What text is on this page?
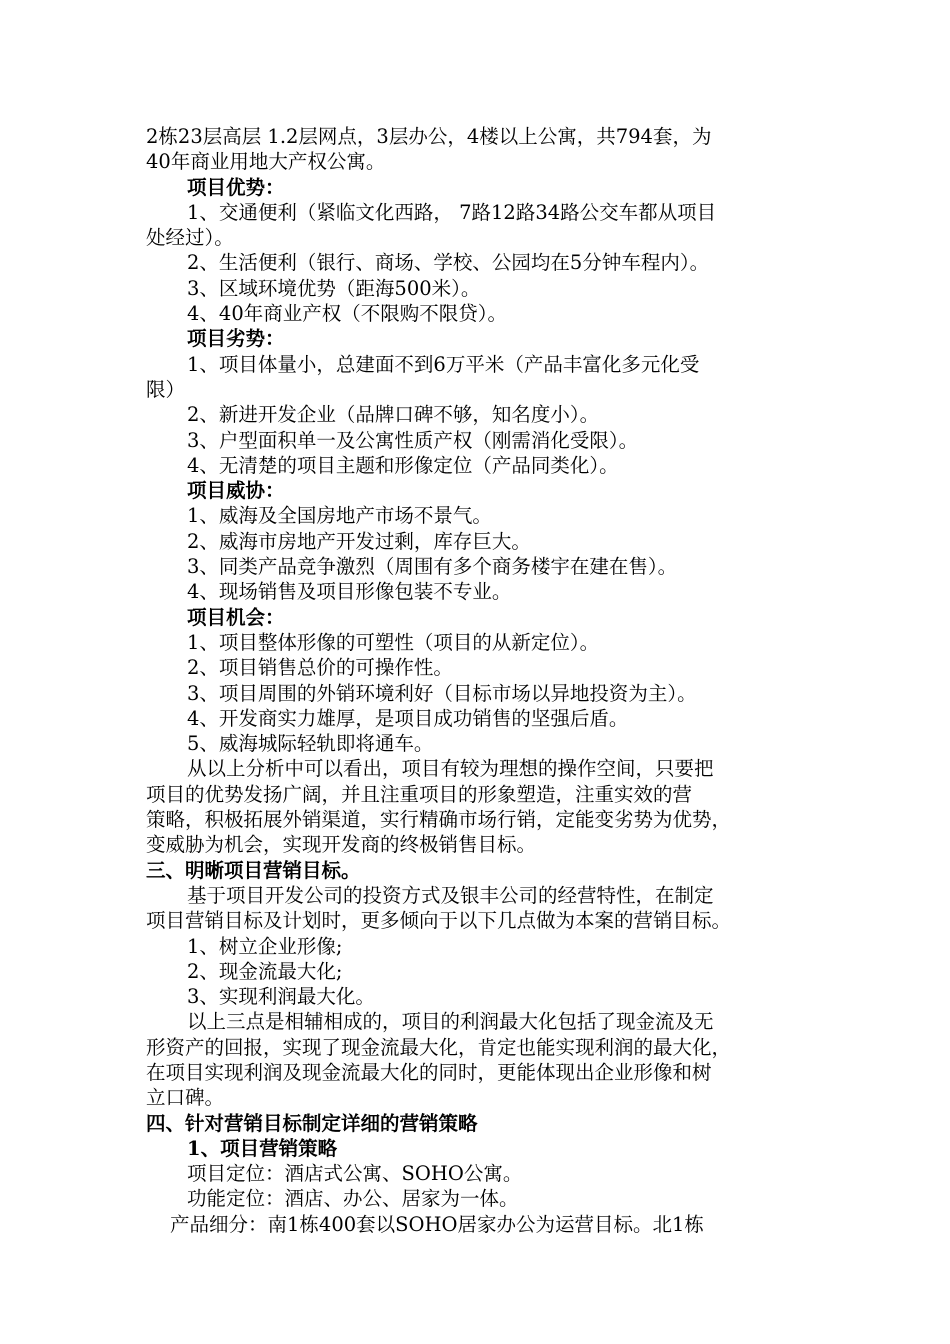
2栋23层高层 1.2层网点，3层办公，4楼以上公寓，共794套，为
40年商业用地大产权公寓。
项目优势：
1、交通便利（紧临文化西路， 7路12路34路公交车都从项目
处经过）。
2、生活便利（银行、商场、学校、公园均在5分钟车程内）。
3、区域环境优势（距海500米）。
4、40年商业产权（不限购不限贷）。
项目劣势：
1、项目体量小，总建面不到6万平米（产品丰富化多元化受
限）
2、新进开发企业（品牌口碑不够，知名度小）。
3、户型面积单一及公寓性质产权（刚需消化受限）。
4、无清楚的项目主题和形像定位（产品同类化）。
项目威协：
1、威海及全国房地产市场不景气。
2、威海市房地产开发过剩，库存巨大。
3、同类产品竞争激烈（周围有多个商务楼宇在建在售）。
4、现场销售及项目形像包装不专业。
项目机会：
1、项目整体形像的可塑性（项目的从新定位）。
2、项目销售总价的可操作性。
3、项目周围的外销环境利好（目标市场以异地投资为主）。
4、开发商实力雄厚，是项目成功销售的坚强后盾。
5、威海城际轻轨即将通车。
从以上分析中可以看出，项目有较为理想的操作空间，只要把
项目的优势发扬广阔，并且注重项目的形象塑造，注重实效的营
策略，积极拓展外销渠道，实行精确市场行销，定能变劣势为优势，
变威胁为机会，实现开发商的终极销售目标。
三、明晰项目营销目标。
基于项目开发公司的投资方式及银丰公司的经营特性，在制定
项目营销目标及计划时，更多倾向于以下几点做为本案的营销目标。
1、树立企业形像;
2、现金流最大化;
3、实现利润最大化。
以上三点是相辅相成的，项目的利润最大化包括了现金流及无
形资产的回报，实现了现金流最大化，肯定也能实现利润的最大化，
在项目实现利润及现金流最大化的同时，更能体现出企业形像和树
立口碑。
四、针对营销目标制定详细的营销策略
1、项目营销策略
项目定位：酒店式公寓、SOHO公寓。
功能定位：酒店、办公、居家为一体。
产品细分：南1栋400套以SOHO居家办公为运营目标。北1栋
